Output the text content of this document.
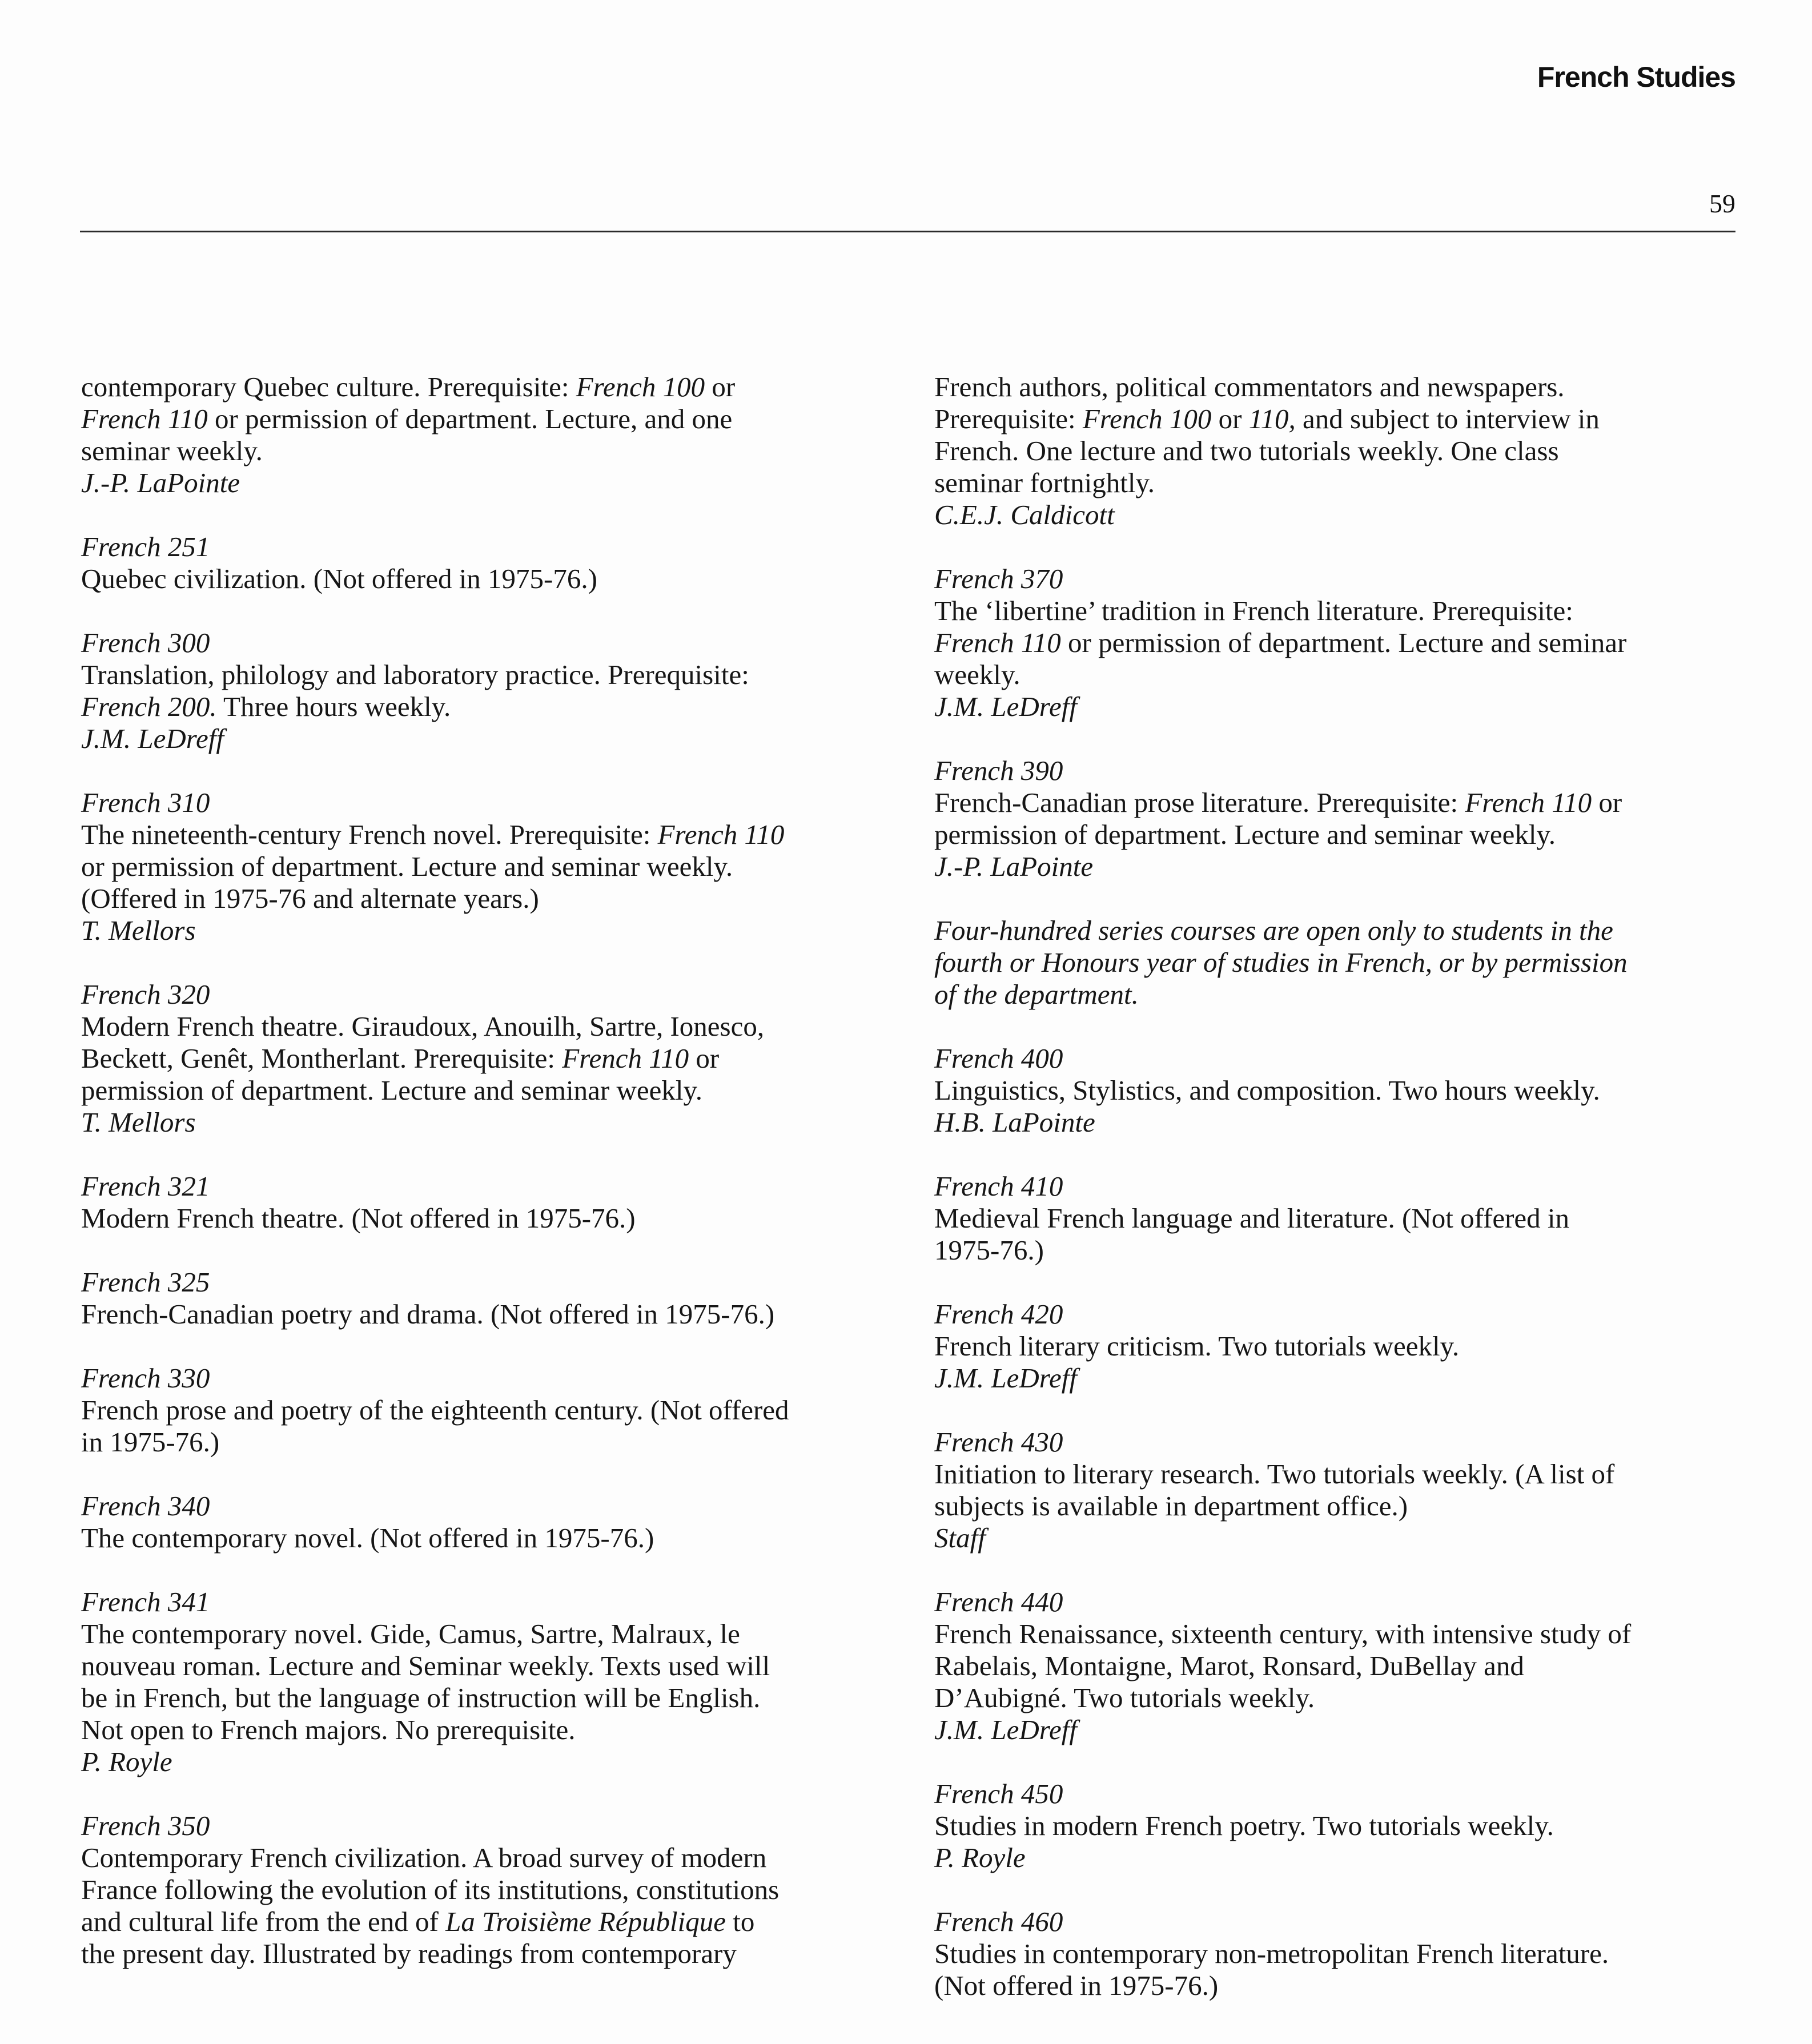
French Studies
59
contemporary Quebec culture. Prerequisite: French 100 or
French 110 or permission of department. Lecture, and one
seminar weekly.
J.-P. LaPointe
French 251
Quebec civilization. (Not offered in 1975-76.)
French 300
Translation, philology and laboratory practice. Prerequisite:
French 200. Three hours weekly.
J.M. LeDreff
French 310
The nineteenth-century French novel. Prerequisite: French 110
or permission of department. Lecture and seminar weekly.
(Offered in 1975-76 and alternate years.)
T. Mellors
French 320
Modern French theatre. Giraudoux, Anouilh, Sartre, Ionesco,
Beckett, Genêt, Montherlant. Prerequisite: French 110 or
permission of department. Lecture and seminar weekly.
T. Mellors
French 321
Modern French theatre. (Not offered in 1975-76.)
French 325
French-Canadian poetry and drama. (Not offered in 1975-76.)
French 330
French prose and poetry of the eighteenth century. (Not offered
in 1975-76.)
French 340
The contemporary novel. (Not offered in 1975-76.)
French 341
The contemporary novel. Gide, Camus, Sartre, Malraux, le
nouveau roman. Lecture and Seminar weekly. Texts used will
be in French, but the language of instruction will be English.
Not open to French majors. No prerequisite.
P. Royle
French 350
Contemporary French civilization. A broad survey of modern
France following the evolution of its institutions, constitutions
and cultural life from the end of La Troisième République to
the present day. Illustrated by readings from contemporary
French authors, political commentators and newspapers.
Prerequisite: French 100 or 110, and subject to interview in
French. One lecture and two tutorials weekly. One class
seminar fortnightly.
C.E.J. Caldicott
French 370
The ‘libertine’ tradition in French literature. Prerequisite:
French 110 or permission of department. Lecture and seminar
weekly.
J.M. LeDreff
French 390
French-Canadian prose literature. Prerequisite: French 110 or
permission of department. Lecture and seminar weekly.
J.-P. LaPointe
Four-hundred series courses are open only to students in the
fourth or Honours year of studies in French, or by permission
of the department.
French 400
Linguistics, Stylistics, and composition. Two hours weekly.
H.B. LaPointe
French 410
Medieval French language and literature. (Not offered in
1975-76.)
French 420
French literary criticism. Two tutorials weekly.
J.M. LeDreff
French 430
Initiation to literary research. Two tutorials weekly. (A list of
subjects is available in department office.)
Staff
French 440
French Renaissance, sixteenth century, with intensive study of
Rabelais, Montaigne, Marot, Ronsard, DuBellay and
D’Aubigné. Two tutorials weekly.
J.M. LeDreff
French 450
Studies in modern French poetry. Two tutorials weekly.
P. Royle
French 460
Studies in contemporary non-metropolitan French literature.
(Not offered in 1975-76.)
